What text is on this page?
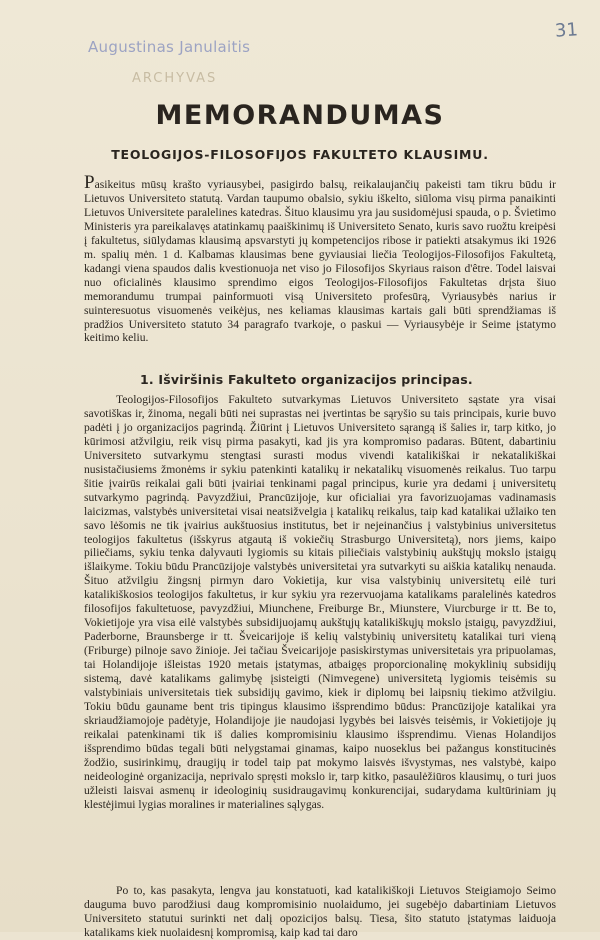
31
Augustinas Janulaitis
ARCHYVAS
MEMORANDUMAS
TEOLOGIJOS-FILOSOFIJOS FAKULTETO KLAUSIMU.

Pasikeitus mūsų krašto vyriausybei, pasigirdo balsų, reikalaujančių pakeisti tam tikru būdu ir Lietuvos Universiteto statutą. Vardan taupumo obalsio, sykiu iškelto, siūloma visų pirma panaikinti Lietuvos Universitete paralelines katedras. Šituo klausimu yra jau susidomėjusi spauda, o p. Švietimo Ministeris yra pareikalavęs atatinkamų paaiškinimų iš Universiteto Senato, kuris savo ruožtu kreipėsi į fakultetus, siūlydamas klausimą apsvarstyti jų kompetencijos ribose ir patiekti atsakymus iki 1926 m. spalių mėn. 1 d. Kalbamas klausimas bene gyviausiai liečia Teologijos-Filosofijos Fakultetą, kadangi viena spaudos dalis kvestionuoja net viso jo Filosofijos Skyriaus raison d'être. Todel laisvai nuo oficialinės klausimo sprendimo eigos Teologijos-Filosofijos Fakultetas drįsta šiuo memorandumu trumpai painformuoti visą Universiteto profesūrą, Vyriausybės narius ir suinteresuotus visuomenės veikėjus, nes keliamas klausimas kartais gali būti sprendžiamas iš pradžios Universiteto statuto 34 paragrafo tvarkoje, o paskui — Vyriausybėje ir Seime įstatymo keitimo keliu.

1. Išviršinis Fakulteto organizacijos principas.

Teologijos-Filosofijos Fakulteto sutvarkymas Lietuvos Universiteto sąstate yra visai savotiškas ir, žinoma, negali būti nei suprastas nei įvertintas be sąryšio su tais principais, kurie buvo padėti į jo organizacijos pagrindą. Žiūrint į Lietuvos Universiteto sąrangą iš šalies ir, tarp kitko, jo kūrimosi atžvilgiu, reik visų pirma pasakyti, kad jis yra kompromiso padaras. Būtent, dabartiniu Universiteto sutvarkymu stengtasi surasti modus vivendi katalikiškai ir nekatalikiškai nusistačiusiems žmonėms ir sykiu patenkinti katalikų ir nekatalikų visuomenės reikalus. Tuo tarpu šitie įvairūs reikalai gali būti įvairiai tenkinami pagal principus, kurie yra dedami į universitetų sutvarkymo pagrindą. Pavyzdžiui, Prancūzijoje, kur oficialiai yra favorizuojamas vadinamasis laicizmas, valstybės universitetai visai neatsižvelgia į katalikų reikalus, taip kad katalikai užlaiko ten savo lėšomis ne tik įvairius aukštuosius institutus, bet ir nejeinančius į valstybinius universitetus teologijos fakultetus (išskyrus atgautą iš vokiečių Strasburgo Universitetą), nors jiems, kaipo piliečiams, sykiu tenka dalyvauti lygiomis su kitais piliečiais valstybinių aukštųjų mokslo įstaigų išlaikyme. Tokiu būdu Prancūzijoje valstybės universitetai yra sutvarkyti su aiškia katalikų nenauda. Šituo atžvilgiu žingsnį pirmyn daro Vokietija, kur visa valstybinių universitetų eilė turi katalikiškosios teologijos fakultetus, ir kur sykiu yra rezervuojama katalikams paralelinės katedros filosofijos fakultetuose, pavyzdžiui, Miunchene, Freiburge Br., Miunstere, Viurcburge ir tt. Be to, Vokietijoje yra visa eilė valstybės subsidijuojamų aukštųjų katalikiškųjų mokslo įstaigų, pavyzdžiui, Paderborne, Braunsberge ir tt. Šveicarijoje iš kelių valstybinių universitetų katalikai turi vieną (Friburge) pilnoje savo žinioje. Jei tačiau Šveicarijoje pasiskirstymas universitetais yra pripuolamas, tai Holandijoje išleistas 1920 metais įstatymas, atbaigęs proporcionalinę mokyklinių subsidijų sistemą, davė katalikams galimybę įsisteigti (Nimvegene) universitetą lygiomis teisėmis su valstybiniais universitetais tiek subsidijų gavimo, kiek ir diplomų bei laipsnių tiekimo atžvilgiu. Tokiu būdu gauname bent tris tipingus klausimo išsprendimo būdus: Prancūzijoje katalikai yra skriaudžiamojoje padėtyje, Holandijoje jie naudojasi lygybės bei laisvės teisėmis, ir Vokietijoje jų reikalai patenkinami tik iš dalies kompromisiniu klausimo išsprendimu. Vienas Holandijos išsprendimo būdas tegali būti nelygstamai ginamas, kaipo nuoseklus bei pažangus konstitucinės žodžio, susirinkimų, draugijų ir todel taip pat mokymo laisvės išvystymas, nes valstybė, kaipo neideologinė organizacija, neprivalo spręsti mokslo ir, tarp kitko, pasaulėžiūros klausimų, o turi juos užleisti laisvai asmenų ir ideologinių susidraugavimų konkurencijai, sudarydama kultūriniam jų klestėjimui lygias moralines ir materialines sąlygas.

Po to, kas pasakyta, lengva jau konstatuoti, kad katalikiškoji Lietuvos Steigiamojo Seimo dauguma buvo parodžiusi daug kompromisinio nuolaidumo, jei sugebėjo dabartiniam Lietuvos Universiteto statutui surinkti net dalį opozicijos balsų. Tiesa, šito statuto įstatymas laiduoja katalikams kiek nuolaidesnį kompromisą, kaip kad tai daro
